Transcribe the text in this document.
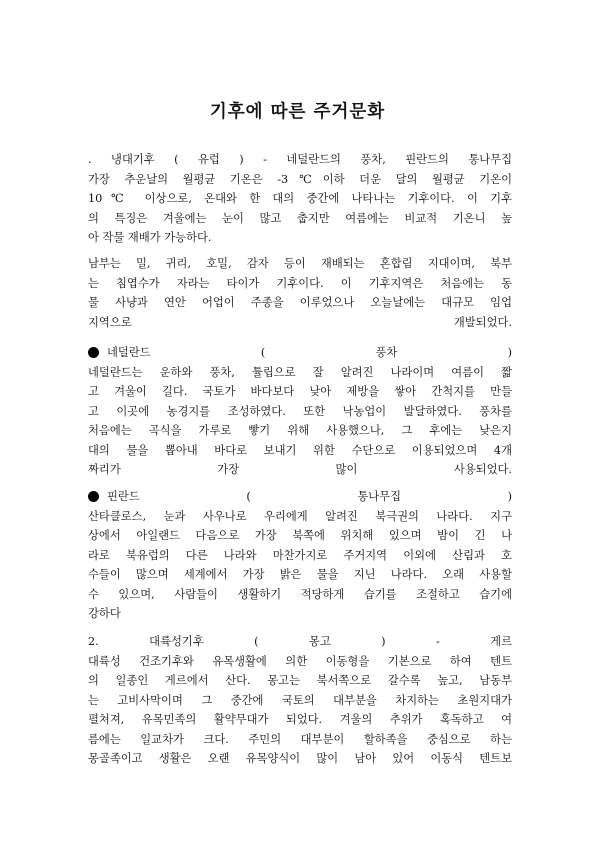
기후에 따른 주거문화
. 냉대기후 ( 유럽 ) - 네덜란드의 풍차, 핀란드의 통나무집
가장 추운날의 월평균 기온은 -3℃이하 더운 달의 월평균 기온이
10℃ 이상으로, 온대와 한 대의 중간에 나타나는 기후이다. 이 기후
의 특징은 겨울에는 눈이 많고 춥지만 여름에는 비교적 기온니 높
아 작물 재배가 가능하다.
남부는 밀, 귀리, 호밀, 감자 등이 재배되는 혼합림 지대이며, 북부
는 침엽수가 자라는 타이가 기후이다. 이 기후지역은 처음에는 동
물 사냥과 연안 어업이 주종을 이루었으나 오늘날에는 대규모 임업
지역으로 개발되었다.
네덜란드 ( 풍차 )
네덜란드는 운하와 풍차, 튤립으로 잘 알려진 나라이며 여름이 짧
고 겨울이 길다. 국토가 바다보다 낮아 제방을 쌓아 간척지를 만들
고 이곳에 농경지를 조성하였다. 또한 낙농업이 발달하였다. 풍차를
처음에는 곡식을 가루로 빻기 위해 사용했으나, 그 후에는 낮은지
대의 물을 뽑아내 바다로 보내기 위한 수단으로 이용되었으며 4개
짜리가 가장 많이 사용되었다.
핀란드 ( 통나무집 )
산타클로스, 눈과 사우나로 우리에게 알려진 북극권의 나라다. 지구
상에서 아일랜드 다음으로 가장 북쪽에 위치해 있으며 밤이 긴 나
라로 북유럽의 다른 나라와 마찬가지로 주거지역 이외에 산림과 호
수들이 많으며 세계에서 가장 밝은 물을 지닌 나라다. 오래 사용할
수 있으며, 사람들이 생활하기 적당하게 습기를 조절하고 습기에
강하다
2. 대륙성기후 ( 몽고 ) - 게르
대륙성 건조기후와 유목생활에 의한 이동형을 기본으로 하여 텐트
의 일종인 게르에서 산다. 몽고는 북서쪽으로 갈수록 높고, 남동부
는 고비사막이며 그 중간에 국토의 대부분을 차지하는 초원지대가
펼쳐져, 유목민족의 활약무대가 되었다. 겨울의 추위가 혹독하고 여
름에는 일교차가 크다. 주민의 대부분이 할하족을 중심으로 하는
몽골족이고 생활은 오랜 유목양식이 많이 남아 있어 이동식 텐트보
